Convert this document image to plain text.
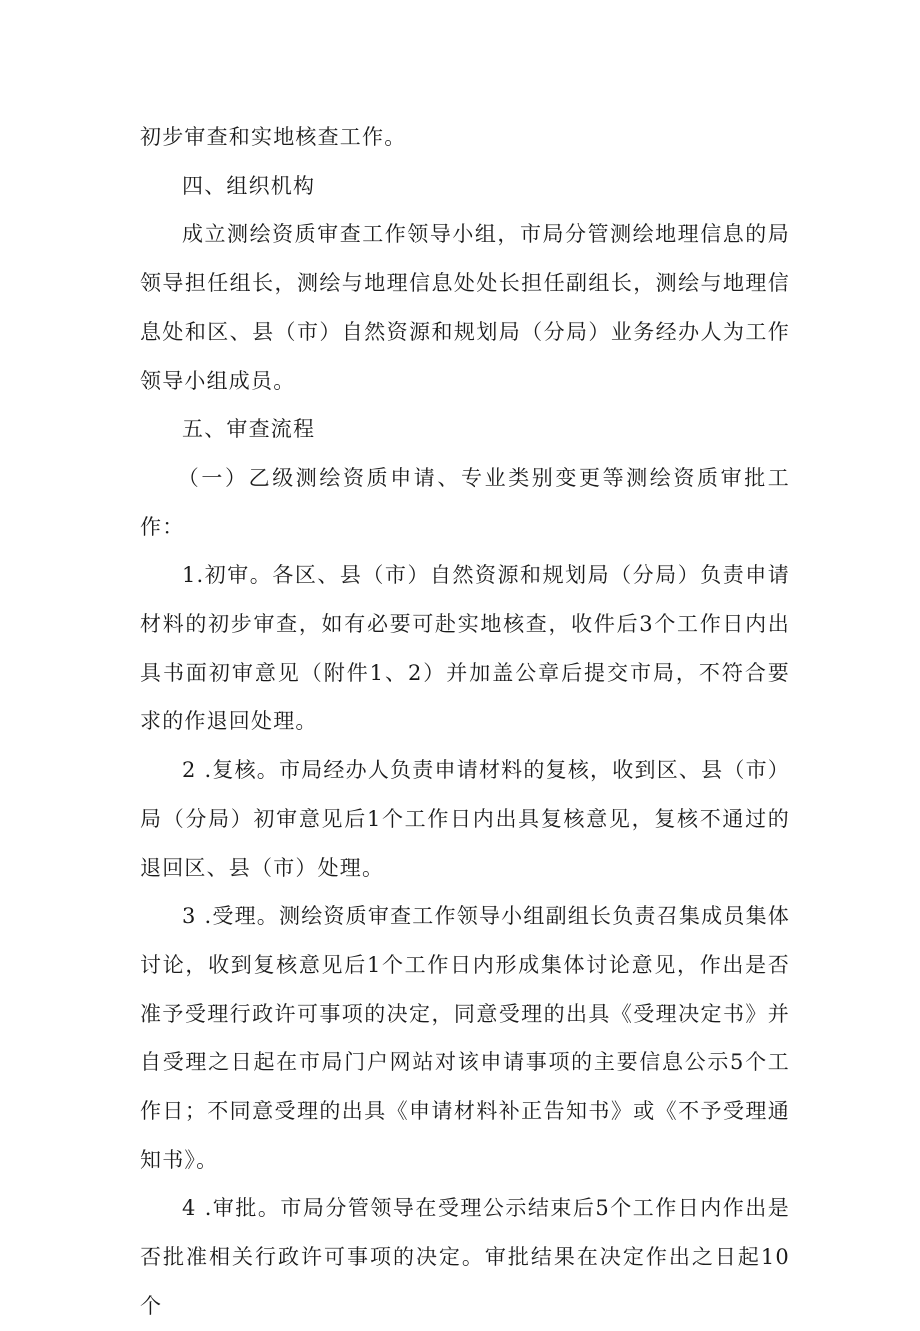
初步审查和实地核查工作。

四、组织机构

成立测绘资质审查工作领导小组，市局分管测绘地理信息的局领导担任组长，测绘与地理信息处处长担任副组长，测绘与地理信息处和区、县（市）自然资源和规划局（分局）业务经办人为工作领导小组成员。

五、审查流程

（一）乙级测绘资质申请、专业类别变更等测绘资质审批工作：

1.初审。各区、县（市）自然资源和规划局（分局）负责申请材料的初步审查，如有必要可赴实地核查，收件后3个工作日内出具书面初审意见（附件1、2）并加盖公章后提交市局，不符合要求的作退回处理。

2 .复核。市局经办人负责申请材料的复核，收到区、县（市）局（分局）初审意见后1个工作日内出具复核意见，复核不通过的退回区、县（市）处理。

3 .受理。测绘资质审查工作领导小组副组长负责召集成员集体讨论，收到复核意见后1个工作日内形成集体讨论意见，作出是否准予受理行政许可事项的决定，同意受理的出具《受理决定书》并自受理之日起在市局门户网站对该申请事项的主要信息公示5个工作日；不同意受理的出具《申请材料补正告知书》或《不予受理通知书》。

4 .审批。市局分管领导在受理公示结束后5个工作日内作出是否批准相关行政许可事项的决定。审批结果在决定作出之日起10个
